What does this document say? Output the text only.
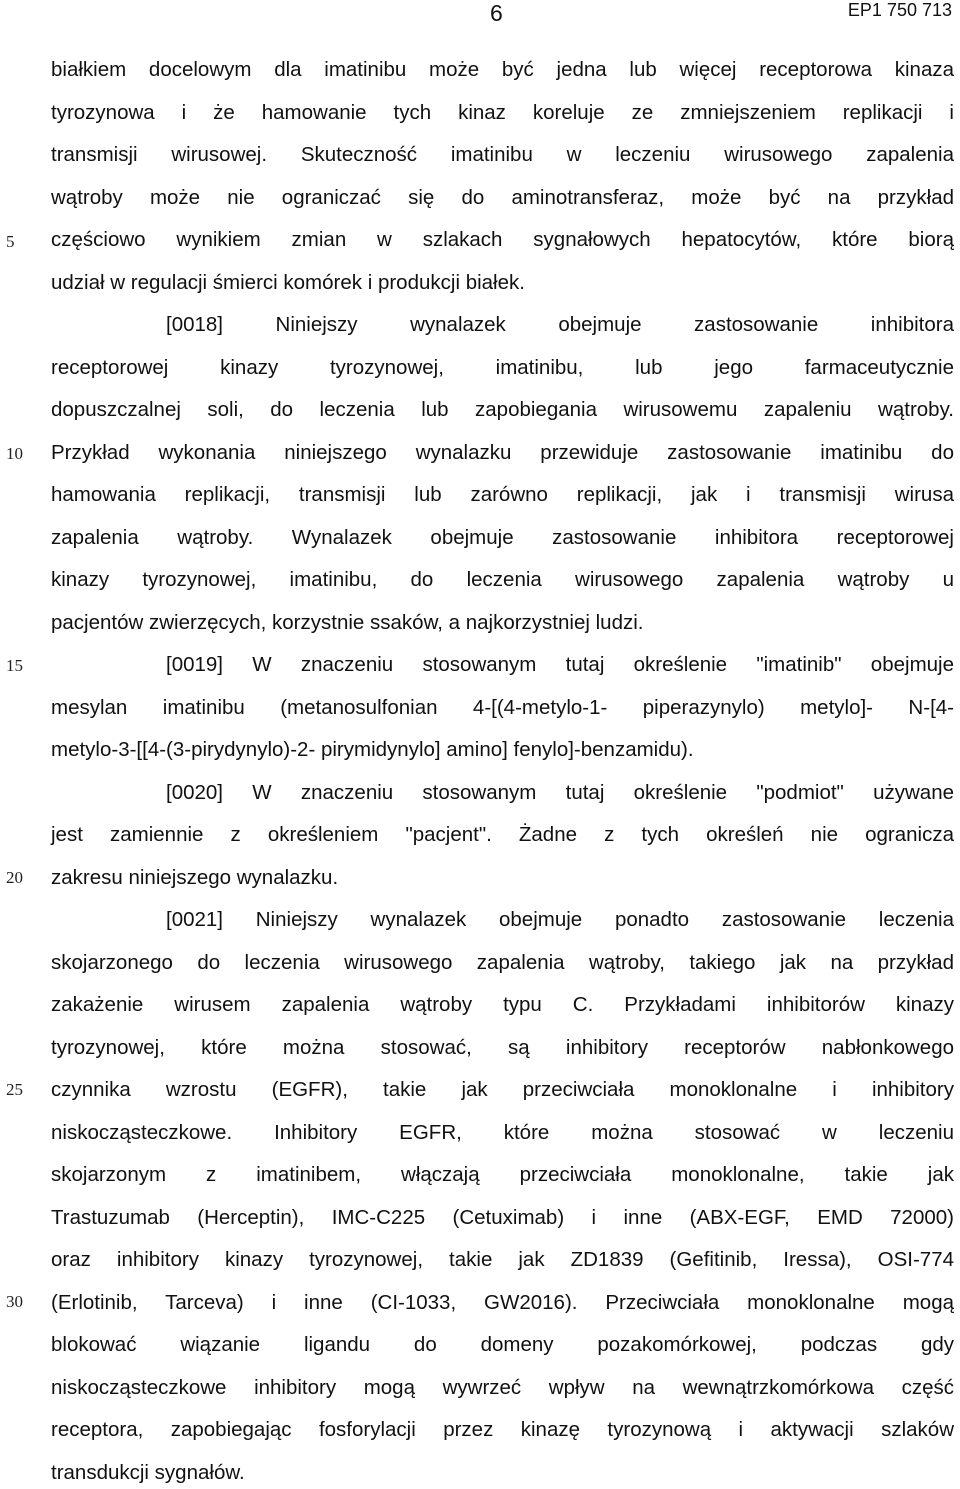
6	EP1 750 713
5
10
15
20
25
30
białkiem docelowym dla imatinibu może być jedna lub więcej receptorowa kinaza
tyrozynowa i że hamowanie tych kinaz koreluje ze zmniejszeniem replikacji i
transmisji wirusowej. Skuteczność imatinibu w leczeniu wirusowego zapalenia
wątroby może nie ograniczać się do aminotransferaz, może być na przykład
częściowo wynikiem zmian w szlakach sygnałowych hepatocytów, które biorą
udział w regulacji śmierci komórek i produkcji białek.
[0018] Niniejszy wynalazek obejmuje zastosowanie inhibitora
receptorowej kinazy tyrozynowej, imatinibu, lub jego farmaceutycznie
dopuszczalnej soli, do leczenia lub zapobiegania wirusowemu zapaleniu wątroby.
Przykład wykonania niniejszego wynalazku przewiduje zastosowanie imatinibu do
hamowania replikacji, transmisji lub zarówno replikacji, jak i transmisji wirusa
zapalenia wątroby. Wynalazek obejmuje zastosowanie inhibitora receptorowej
kinazy tyrozynowej, imatinibu, do leczenia wirusowego zapalenia wątroby u
pacjentów zwierzęcych, korzystnie ssaków, a najkorzystniej ludzi.
[0019] W znaczeniu stosowanym tutaj określenie "imatinib" obejmuje
mesylan imatinibu (metanosulfonian 4-[(4-metylo-1- piperazynylo) metylo]- N-[4-
metylo-3-[[4-(3-pirydynylo)-2- pirymidynylo] amino] fenylo]-benzamidu).
[0020] W znaczeniu stosowanym tutaj określenie "podmiot" używane
jest zamiennie z określeniem "pacjent". Żadne z tych określeń nie ogranicza
zakresu niniejszego wynalazku.
[0021] Niniejszy wynalazek obejmuje ponadto zastosowanie leczenia
skojarzonego do leczenia wirusowego zapalenia wątroby, takiego jak na przykład
zakażenie wirusem zapalenia wątroby typu C. Przykładami inhibitorów kinazy
tyrozynowej, które można stosować, są inhibitory receptorów nabłonkowego
czynnika wzrostu (EGFR), takie jak przeciwciała monoklonalne i inhibitory
niskocząsteczkowe. Inhibitory EGFR, które można stosować w leczeniu
skojarzonym z imatinibem, włączają przeciwciała monoklonalne, takie jak
Trastuzumab (Herceptin), IMC-C225 (Cetuximab) i inne (ABX-EGF, EMD 72000)
oraz inhibitory kinazy tyrozynowej, takie jak ZD1839 (Gefitinib, Iressa), OSI-774
(Erlotinib, Tarceva) i inne (CI-1033, GW2016). Przeciwciała monoklonalne mogą
blokować wiązanie ligandu do domeny pozakomórkowej, podczas gdy
niskocząsteczkowe inhibitory mogą wywrzeć wpływ na wewnątrzkomórkowa część
receptora, zapobiegając fosforylacji przez kinazę tyrozynową i aktywacji szlaków
transdukcji sygnałów.
